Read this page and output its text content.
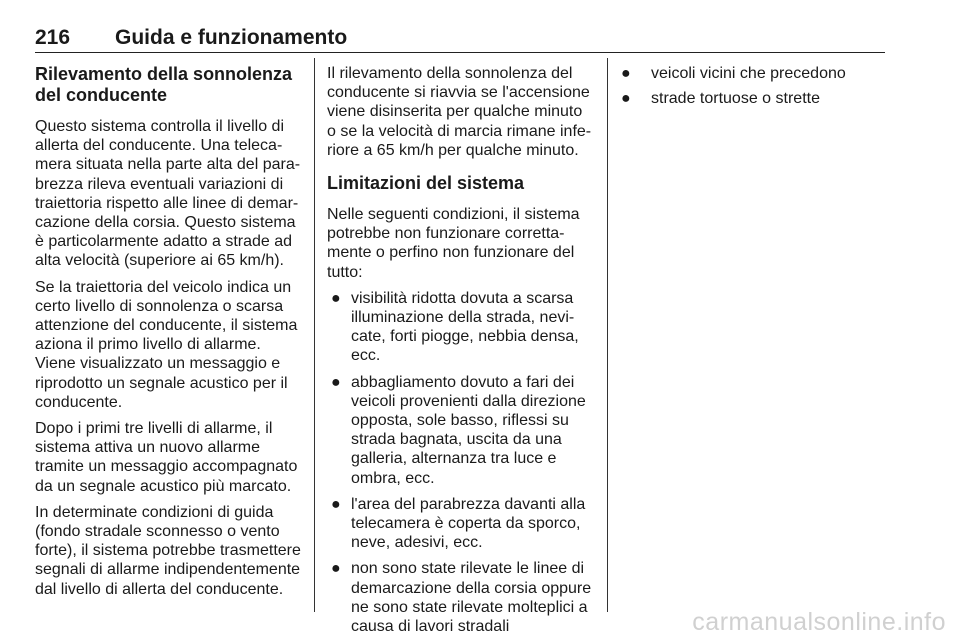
216 Guida e funzionamento
Rilevamento della sonnolenza del conducente

Questo sistema controlla il livello di allerta del conducente. Una telecamera situata nella parte alta del parabrezza rileva eventuali variazioni di traiettoria rispetto alle linee di demarcazione della corsia. Questo sistema è particolarmente adatto a strade ad alta velocità (superiore ai 65 km/h).

Se la traiettoria del veicolo indica un certo livello di sonnolenza o scarsa attenzione del conducente, il sistema aziona il primo livello di allarme. Viene visualizzato un messaggio e riprodotto un segnale acustico per il conducente.

Dopo i primi tre livelli di allarme, il sistema attiva un nuovo allarme tramite un messaggio accompagnato da un segnale acustico più marcato.

In determinate condizioni di guida (fondo stradale sconnesso o vento forte), il sistema potrebbe trasmettere segnali di allarme indipendentemente dal livello di allerta del conducente.

Il rilevamento della sonnolenza del conducente si riavvia se l'accensione viene disinserita per qualche minuto o se la velocità di marcia rimane inferiore a 65 km/h per qualche minuto.

Limitazioni del sistema

Nelle seguenti condizioni, il sistema potrebbe non funzionare correttamente o perfino non funzionare del tutto:

● visibilità ridotta dovuta a scarsa illuminazione della strada, nevicate, forti piogge, nebbia densa, ecc.
● abbagliamento dovuto a fari dei veicoli provenienti dalla direzione opposta, sole basso, riflessi su strada bagnata, uscita da una galleria, alternanza tra luce e ombra, ecc.
● l'area del parabrezza davanti alla telecamera è coperta da sporco, neve, adesivi, ecc.
● non sono state rilevate le linee di demarcazione della corsia oppure ne sono state rilevate molteplici a causa di lavori stradali
● veicoli vicini che precedono
● strade tortuose o strette
carmanualsonline.info
